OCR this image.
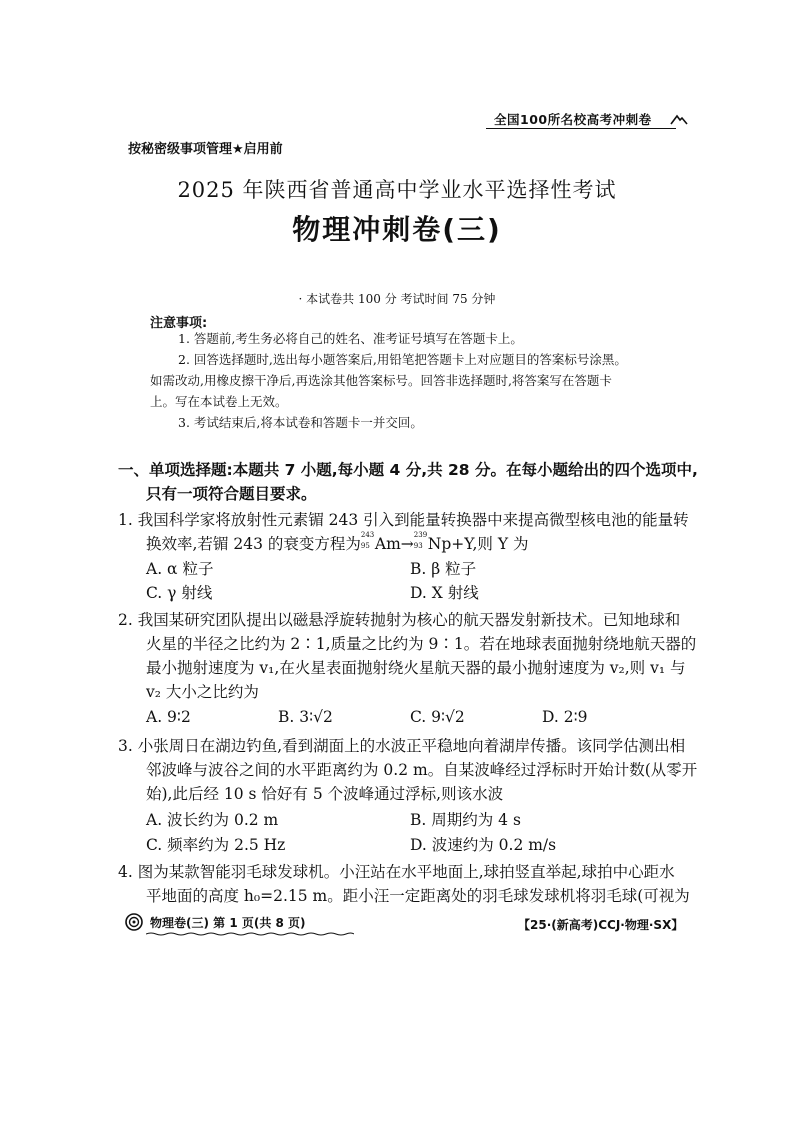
全国100所名校高考冲刺卷
按秘密级事项管理★启用前
2025 年陕西省普通高中学业水平选择性考试
物理冲刺卷(三)
· 本试卷共 100 分 考试时间 75 分钟
注意事项:
1. 答题前,考生务必将自己的姓名、准考证号填写在答题卡上。
2. 回答选择题时,选出每小题答案后,用铅笔把答题卡上对应题目的答案标号涂黑。
如需改动,用橡皮擦干净后,再选涂其他答案标号。回答非选择题时,将答案写在答题卡
上。写在本试卷上无效。
3. 考试结束后,将本试卷和答题卡一并交回。
一、单项选择题:本题共 7 小题,每小题 4 分,共 28 分。在每小题给出的四个选项中,
只有一项符合题目要求。
1. 我国科学家将放射性元素镅 243 引入到能量转换器中来提高微型核电池的能量转
换效率,若镅 243 的衰变方程为 243
95 Am→ 239
93 Np+Y,则 Y 为
A. α 粒子	B. β 粒子
C. γ 射线	D. X 射线
2. 我国某研究团队提出以磁悬浮旋转抛射为核心的航天器发射新技术。已知地球和
火星的半径之比约为 2∶1,质量之比约为 9∶1。若在地球表面抛射绕地航天器的
最小抛射速度为 v₁,在火星表面抛射绕火星航天器的最小抛射速度为 v₂,则 v₁ 与
v₂ 大小之比约为
A. 9∶2	B. 3∶√2	C. 9∶√2	D. 2∶9
3. 小张周日在湖边钓鱼,看到湖面上的水波正平稳地向着湖岸传播。该同学估测出相
邻波峰与波谷之间的水平距离约为 0.2 m。自某波峰经过浮标时开始计数(从零开
始),此后经 10 s 恰好有 5 个波峰通过浮标,则该水波
A. 波长约为 0.2 m	B. 周期约为 4 s
C. 频率约为 2.5 Hz	D. 波速约为 0.2 m/s
4. 图为某款智能羽毛球发球机。小汪站在水平地面上,球拍竖直举起,球拍中心距水
平地面的高度 h₀=2.15 m。距小汪一定距离处的羽毛球发球机将羽毛球(可视为
物理卷(三) 第 1 页(共 8 页)	【25·(新高考)CCJ·物理·SX】
